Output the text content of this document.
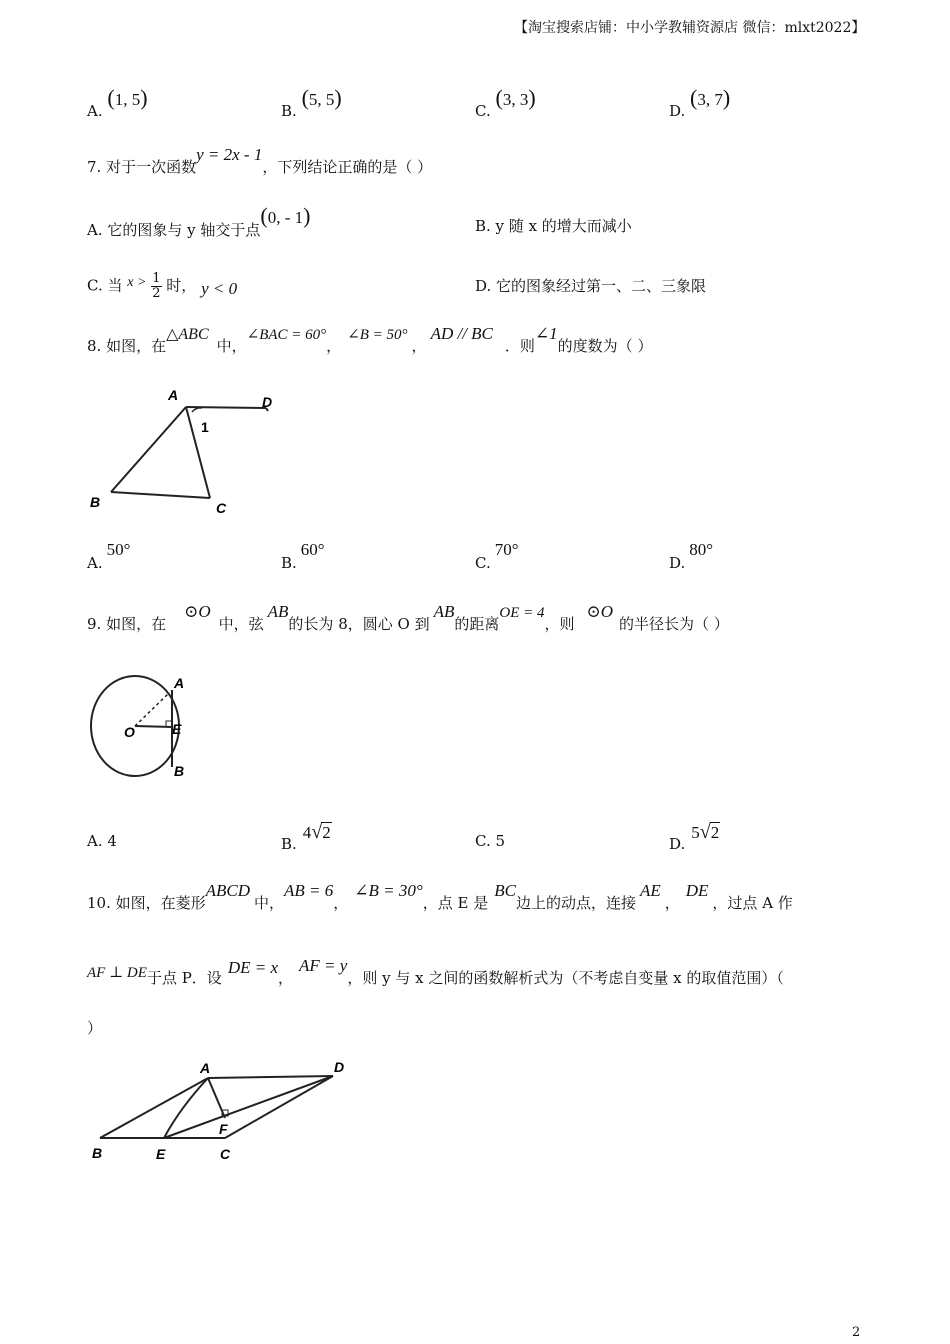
【淘宝搜索店铺：中小学教辅资源店 微信：mlxt2022】
A. (1, 5)
B. (5, 5)
C. (3, 3)
D. (3, 7)
7. 对于一次函数y = 2x - 1，下列结论正确的是（ ）
A. 它的图象与 y 轴交于点(0, - 1)	B. y 随 x 的增大而减小
C. 当 $x > \frac{1}{2}$ 时， y < 0	D. 它的图象经过第一、二、三象限
8. 如图，在△ABC中，∠BAC = 60°，∠B = 50°，AD // BC．则∠1的度数为（ ）
A	D
1
B	C
A.50°
B.60°
C.70°
D.80°
9. 如图，在⊙O中，弦AB的长为 8，圆心 O 到AB的距离OE = 4，则⊙O的半径长为（ ）
A
O	E
B
A. 4	B.4√2	C. 5	D.5√2
10. 如图，在菱形ABCD中，AB = 6，∠B = 30°，点 E 是BC边上的动点，连接AE，DE，过点 A 作
AF ⊥ DE于点 P．设DE = x，AF = y，则 y 与 x 之间的函数解析式为（不考虑自变量 x 的取值范围）（
）
A	D
F
B	E	C
2
